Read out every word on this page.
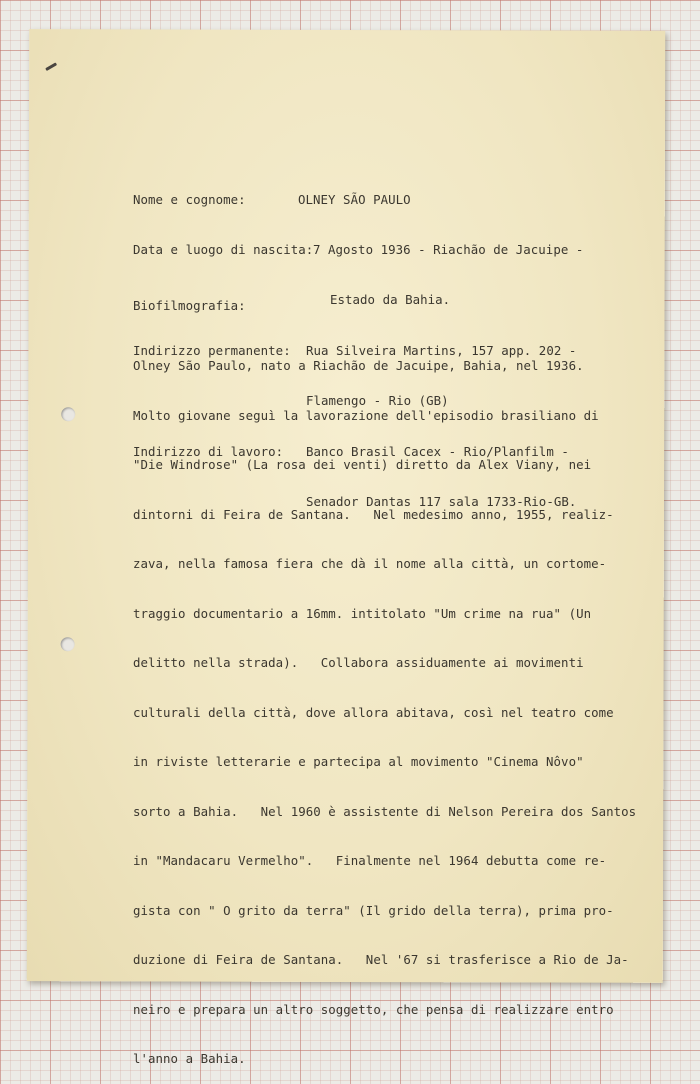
Nome e cognome:	OLNEY SÃO PAULO

Data e luogo di nascita: 7 Agosto 1936 - Riachão de Jacuipe -

Estado da Bahia.

Indirizzo permanente:	Rua Silveira Martins, 157 app. 202 -

Flamengo - Rio (GB)

Indirizzo di lavoro:	Banco Brasil Cacex - Rio/Planfilm -

Senador Dantas 117 sala 1733-Rio-GB.

Biofilmografia:

Olney São Paulo, nato a Riachão de Jacuipe, Bahia, nel 1936.

Molto giovane seguì la lavorazione dell'episodio brasiliano di

"Die Windrose" (La rosa dei venti) diretto da Alex Viany, nei

dintorni di Feira de Santana.   Nel medesimo anno, 1955, realiz-

zava, nella famosa fiera che dà il nome alla città, un cortome-

traggio documentario a 16mm. intitolato "Um crime na rua" (Un

delitto nella strada).   Collabora assiduamente ai movimenti

culturali della città, dove allora abitava, così nel teatro come

in riviste letterarie e partecipa al movimento "Cinema Nôvo"

sorto a Bahia.   Nel 1960 è assistente di Nelson Pereira dos Santos

in "Mandacaru Vermelho".   Finalmente nel 1964 debutta come re-

gista con " O grito da terra" (Il grido della terra), prima pro-

duzione di Feira de Santana.   Nel '67 si trasferisce a Rio de Ja-

neiro e prepara un altro soggetto, che pensa di realizzare entro

l'anno a Bahia.
